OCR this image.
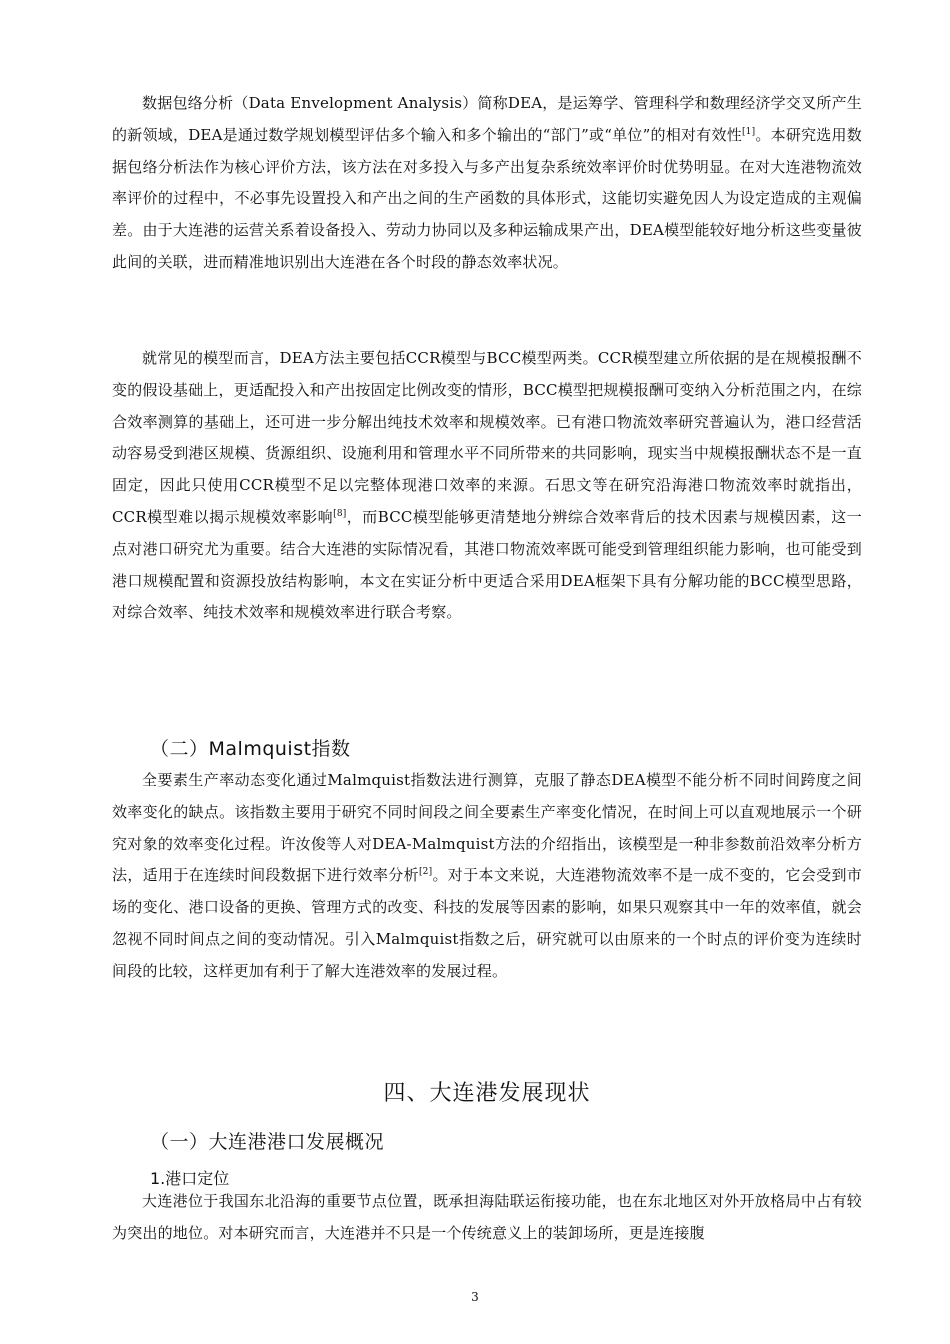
数据包络分析（Data Envelopment Analysis）简称DEA，是运筹学、管理科学和数理经济学交叉所产生的新领域，DEA是通过数学规划模型评估多个输入和多个输出的“部门”或“单位”的相对有效性[1]。本研究选用数据包络分析法作为核心评价方法，该方法在对多投入与多产出复杂系统效率评价时优势明显。在对大连港物流效率评价的过程中，不必事先设置投入和产出之间的生产函数的具体形式，这能切实避免因人为设定造成的主观偏差。由于大连港的运营关系着设备投入、劳动力协同以及多种运输成果产出，DEA模型能较好地分析这些变量彼此间的关联，进而精准地识别出大连港在各个时段的静态效率状况。

就常见的模型而言，DEA方法主要包括CCR模型与BCC模型两类。CCR模型建立所依据的是在规模报酬不变的假设基础上，更适配投入和产出按固定比例改变的情形，BCC模型把规模报酬可变纳入分析范围之内，在综合效率测算的基础上，还可进一步分解出纯技术效率和规模效率。已有港口物流效率研究普遍认为，港口经营活动容易受到港区规模、货源组织、设施利用和管理水平不同所带来的共同影响，现实当中规模报酬状态不是一直固定，因此只使用CCR模型不足以完整体现港口效率的来源。石思文等在研究沿海港口物流效率时就指出，CCR模型难以揭示规模效率影响[8]，而BCC模型能够更清楚地分辨综合效率背后的技术因素与规模因素，这一点对港口研究尤为重要。结合大连港的实际情况看，其港口物流效率既可能受到管理组织能力影响，也可能受到港口规模配置和资源投放结构影响，本文在实证分析中更适合采用DEA框架下具有分解功能的BCC模型思路，对综合效率、纯技术效率和规模效率进行联合考察。

（二）Malmquist指数

全要素生产率动态变化通过Malmquist指数法进行测算，克服了静态DEA模型不能分析不同时间跨度之间效率变化的缺点。该指数主要用于研究不同时间段之间全要素生产率变化情况，在时间上可以直观地展示一个研究对象的效率变化过程。许汝俊等人对DEA-Malmquist方法的介绍指出，该模型是一种非参数前沿效率分析方法，适用于在连续时间段数据下进行效率分析[2]。对于本文来说，大连港物流效率不是一成不变的，它会受到市场的变化、港口设备的更换、管理方式的改变、科技的发展等因素的影响，如果只观察其中一年的效率值，就会忽视不同时间点之间的变动情况。引入Malmquist指数之后，研究就可以由原来的一个时点的评价变为连续时间段的比较，这样更加有利于了解大连港效率的发展过程。

四、大连港发展现状
（一）大连港港口发展概况
1.港口定位

大连港位于我国东北沿海的重要节点位置，既承担海陆联运衔接功能，也在东北地区对外开放格局中占有较为突出的地位。对本研究而言，大连港并不只是一个传统意义上的装卸场所，更是连接腹

3
